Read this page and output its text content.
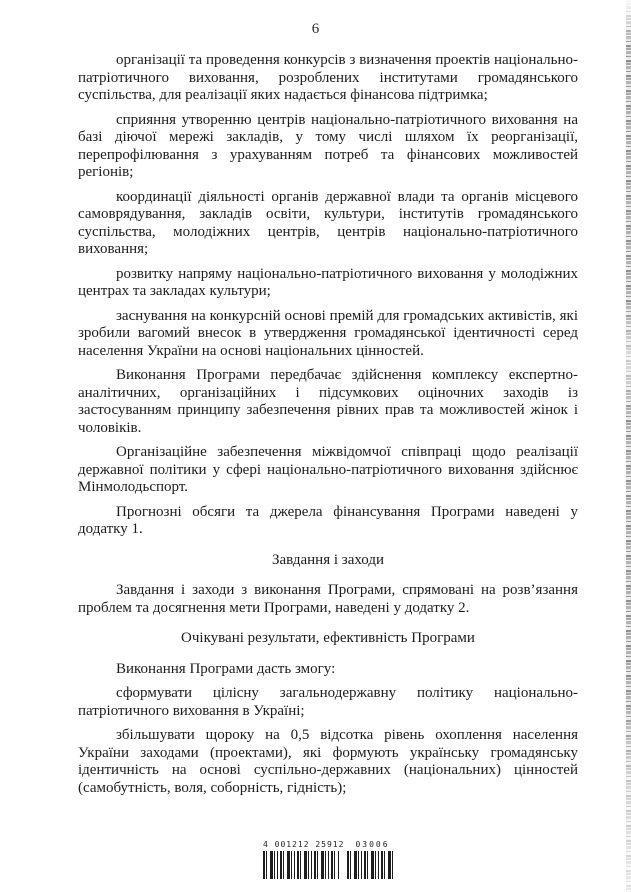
6

організації та проведення конкурсів з визначення проектів національно-патріотичного виховання, розроблених інститутами громадянського суспільства, для реалізації яких надається фінансова підтримка;

сприяння утворенню центрів національно-патріотичного виховання на базі діючої мережі закладів, у тому числі шляхом їх реорганізації, перепрофілювання з урахуванням потреб та фінансових можливостей регіонів;

координації діяльності органів державної влади та органів місцевого самоврядування, закладів освіти, культури, інститутів громадянського суспільства, молодіжних центрів, центрів національно-патріотичного виховання;

розвитку напряму національно-патріотичного виховання у молодіжних центрах та закладах культури;

заснування на конкурсній основі премій для громадських активістів, які зробили вагомий внесок в утвердження громадянської ідентичності серед населення України на основі національних цінностей.

Виконання Програми передбачає здійснення комплексу експертно-аналітичних, організаційних і підсумкових оціночних заходів із застосуванням принципу забезпечення рівних прав та можливостей жінок і чоловіків.

Організаційне забезпечення міжвідомчої співпраці щодо реалізації державної політики у сфері національно-патріотичного виховання здійснює Мінмолодьспорт.

Прогнозні обсяги та джерела фінансування Програми наведені у додатку 1.

Завдання і заходи

Завдання і заходи з виконання Програми, спрямовані на розв’язання проблем та досягнення мети Програми, наведені у додатку 2.

Очікувані результати, ефективність Програми

Виконання Програми дасть змогу:

сформувати цілісну загальнодержавну політику національно-патріотичного виховання в Україні;

збільшувати щороку на 0,5 відсотка рівень охоплення населення України заходами (проектами), які формують українську громадянську ідентичність на основі суспільно-державних (національних) цінностей (самобутність, воля, соборність, гідність);

4 001212 25912 03006
